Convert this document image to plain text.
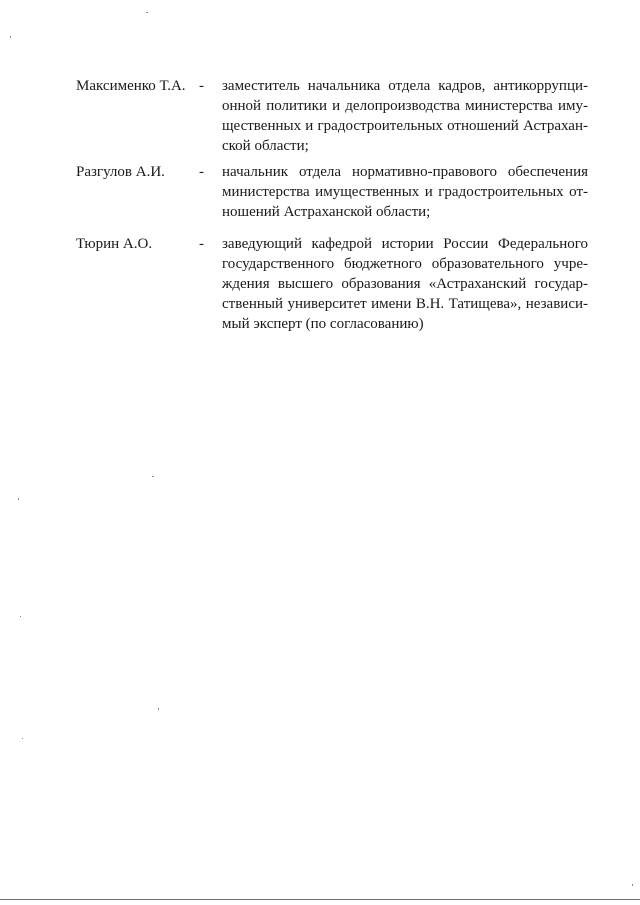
Максименко Т.А. - заместитель начальника отдела кадров, антикоррупци-
онной политики и делопроизводства министерства иму-
щественных и градостроительных отношений Астрахан-
ской области;
Разгулов А.И. - начальник отдела нормативно-правового обеспечения
министерства имущественных и градостроительных от-
ношений Астраханской области;
Тюрин А.О.	- заведующий кафедрой истории России Федерального
государственного бюджетного образовательного учре-
ждения высшего образования «Астраханский государ-
ственный университет имени В.Н. Татищева», независи-
мый эксперт (по согласованию)
